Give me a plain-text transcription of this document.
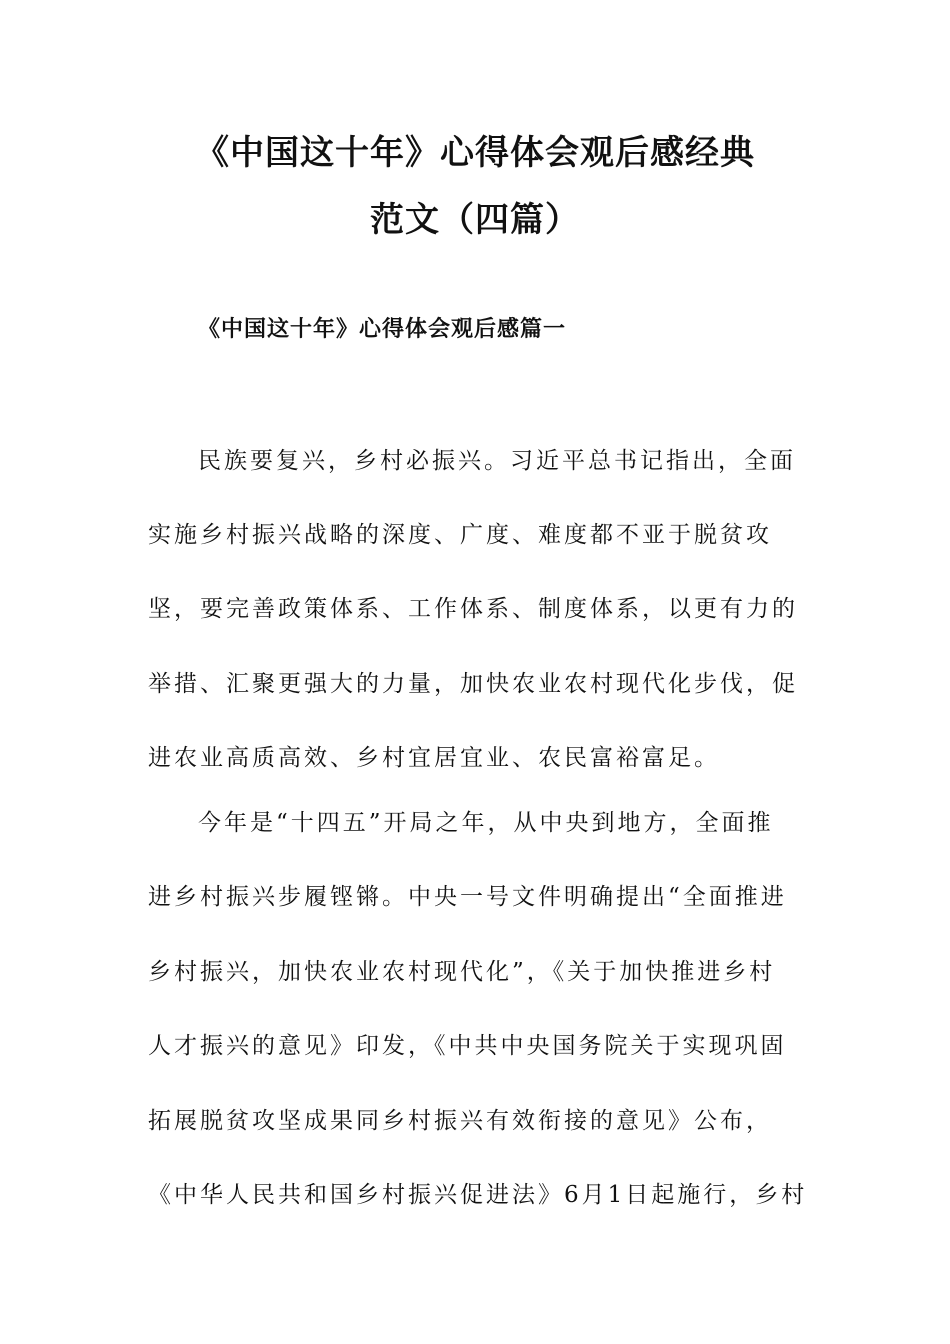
《中国这十年》心得体会观后感经典
范文（四篇）
《中国这十年》心得体会观后感篇一
民族要复兴，乡村必振兴。习近平总书记指出，全面
实施乡村振兴战略的深度、广度、难度都不亚于脱贫攻
坚，要完善政策体系、工作体系、制度体系，以更有力的
举措、汇聚更强大的力量，加快农业农村现代化步伐，促
进农业高质高效、乡村宜居宜业、农民富裕富足。
今年是“十四五”开局之年，从中央到地方，全面推
进乡村振兴步履铿锵。中央一号文件明确提出“全面推进
乡村振兴，加快农业农村现代化”，《关于加快推进乡村
人才振兴的意见》印发，《中共中央国务院关于实现巩固
拓展脱贫攻坚成果同乡村振兴有效衔接的意见》公布，
《中华人民共和国乡村振兴促进法》6月1日起施行，乡村
